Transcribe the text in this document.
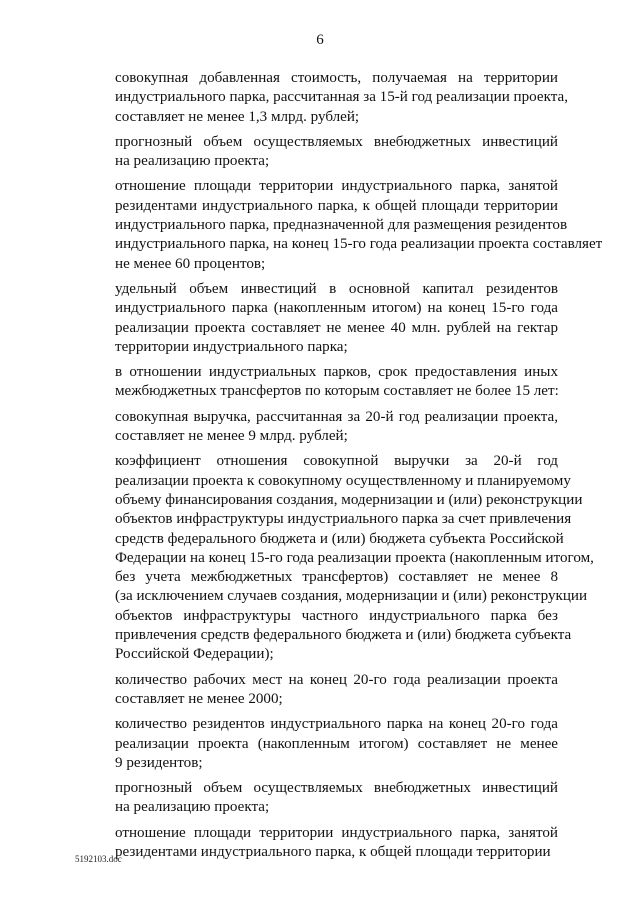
6

совокупная добавленная стоимость, получаемая на территории
индустриального парка, рассчитанная за 15-й год реализации проекта,
составляет не менее 1,3 млрд. рублей;

прогнозный объем осуществляемых внебюджетных инвестиций
на реализацию проекта;

отношение площади территории индустриального парка, занятой
резидентами индустриального парка, к общей площади территории
индустриального парка, предназначенной для размещения резидентов
индустриального парка, на конец 15-го года реализации проекта составляет
не менее 60 процентов;

удельный объем инвестиций в основной капитал резидентов
индустриального парка (накопленным итогом) на конец 15-го года
реализации проекта составляет не менее 40 млн. рублей на гектар
территории индустриального парка;

в отношении индустриальных парков, срок предоставления иных
межбюджетных трансфертов по которым составляет не более 15 лет:

совокупная выручка, рассчитанная за 20-й год реализации проекта,
составляет не менее 9 млрд. рублей;

коэффициент отношения совокупной выручки за 20-й год
реализации проекта к совокупному осуществленному и планируемому
объему финансирования создания, модернизации и (или) реконструкции
объектов инфраструктуры индустриального парка за счет привлечения
средств федерального бюджета и (или) бюджета субъекта Российской
Федерации на конец 15-го года реализации проекта (накопленным итогом,
без учета межбюджетных трансфертов) составляет не менее 8
(за исключением случаев создания, модернизации и (или) реконструкции
объектов инфраструктуры частного индустриального парка без
привлечения средств федерального бюджета и (или) бюджета субъекта
Российской Федерации);

количество рабочих мест на конец 20-го года реализации проекта
составляет не менее 2000;

количество резидентов индустриального парка на конец 20-го года
реализации проекта (накопленным итогом) составляет не менее
9 резидентов;

прогнозный объем осуществляемых внебюджетных инвестиций
на реализацию проекта;

отношение площади территории индустриального парка, занятой
резидентами индустриального парка, к общей площади территории

5192103.doc
